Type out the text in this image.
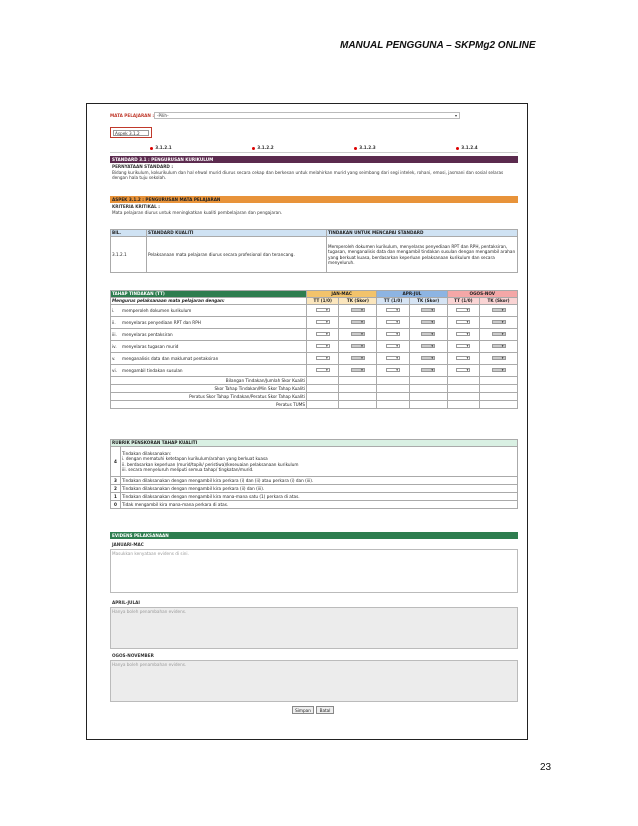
MANUAL PENGGUNA – SKPMg2 ONLINE
MATA PELAJARAN : -Pilih-	▾
Aspek 3.1.2
3.1.2.1	3.1.2.2	3.1.2.3	3.1.2.4
STANDARD 3.1 : PENGURUSAN KURIKULUM
PERNYATAAN STANDARD :
Bidang kurikulum, kokurikulum dan hal ehwal murid diurus secara cekap dan berkesan untuk melahirkan murid yang seimbang dari segi intelek, rohani, emosi, jasmani dan sosial selaras dengan hala tuju sekolah.
ASPEK 3.1.2 : PENGURUSAN MATA PELAJARAN
KRITERIA KRITIKAL :
Mata pelajaran diurus untuk meningkatkan kualiti pembelajaran dan pengajaran.
BIL.	STANDARD KUALITI	TINDAKAN UNTUK MENCAPAI STANDARD
3.1.2.1	Pelaksanaan mata pelajaran diurus secara profesional dan terancang.	Memperoleh dokumen kurikulum, menyelaras penyediaan RPT dan RPH, pentaksiran, tugasan, menganalisis data dan mengambil tindakan susulan dengan mengambil arahan yang berkuat kuasa, berdasarkan keperluan pelaksanaan kurikulum dan secara menyeluruh.
TAHAP TINDAKAN (TT)	JAN-MAC		APR-JUL		OGOS-NOV	
Mengurus pelaksanaan mata pelajaran dengan:	TT (1/0)	TK (Skor)	TT (1/0)	TK (Skor)	TT (1/0)	TK (Skor)
i. memperoleh dokumen kurikulum	▾	▾	▾	▾	▾	▾

ii. menyelaras penyediaan RPT dan RPH	▾	▾	▾	▾	▾	▾

iii. menyelaras pentaksiran	▾	▾	▾	▾	▾	▾

iv. menyelaras tugasan murid	▾	▾	▾	▾	▾	▾

v. menganalisis data dan maklumat pentaksiran	▾	▾	▾	▾	▾	▾

vi. mengambil tindakan susulan	▾	▾	▾	▾	▾	▾

Bilangan Tindakan/Jumlah Skor Kualiti						
Skor Tahap Tindakan/Min Skor Tahap Kualiti						
Peratus Skor Tahap Tindakan/Peratus Skor Tahap Kualiti						
Peratus TUMS						
RUBRIK PENSKORAN TAHAP KUALITI	
4	Tindakan dilaksanakan:
i. dengan mematuhi ketetapan kurikulum/arahan yang berkuat kuasa
ii. berdasarkan keperluan (murid/topik/ peristiwa)/keseuaian pelaksanaan kurikulum
iii. secara menyeluruh meliputi semua tahap/ tingkatan/murid.

3	Tindakan dilaksanakan dengan mengambil kira perkara (i) dan (ii) atau perkara (i) dan (iii).

2	Tindakan dilaksanakan dengan mengambil kira perkara (ii) dan (iii).

1	Tindakan dilaksanakan dengan mengambil kira mana-mana satu (1) perkara di atas.

0	Tidak mengambil kira mana-mana perkara di atas.
EVIDENS PELAKSANAAN
JANUARI-MAC
Masukkan kenyataan evidens di sini.
APRIL-JULAI
Hanya boleh penambahan evidens.
OGOS-NOVEMBER
Hanya boleh penambahan evidens.
Simpan	Batal
23
